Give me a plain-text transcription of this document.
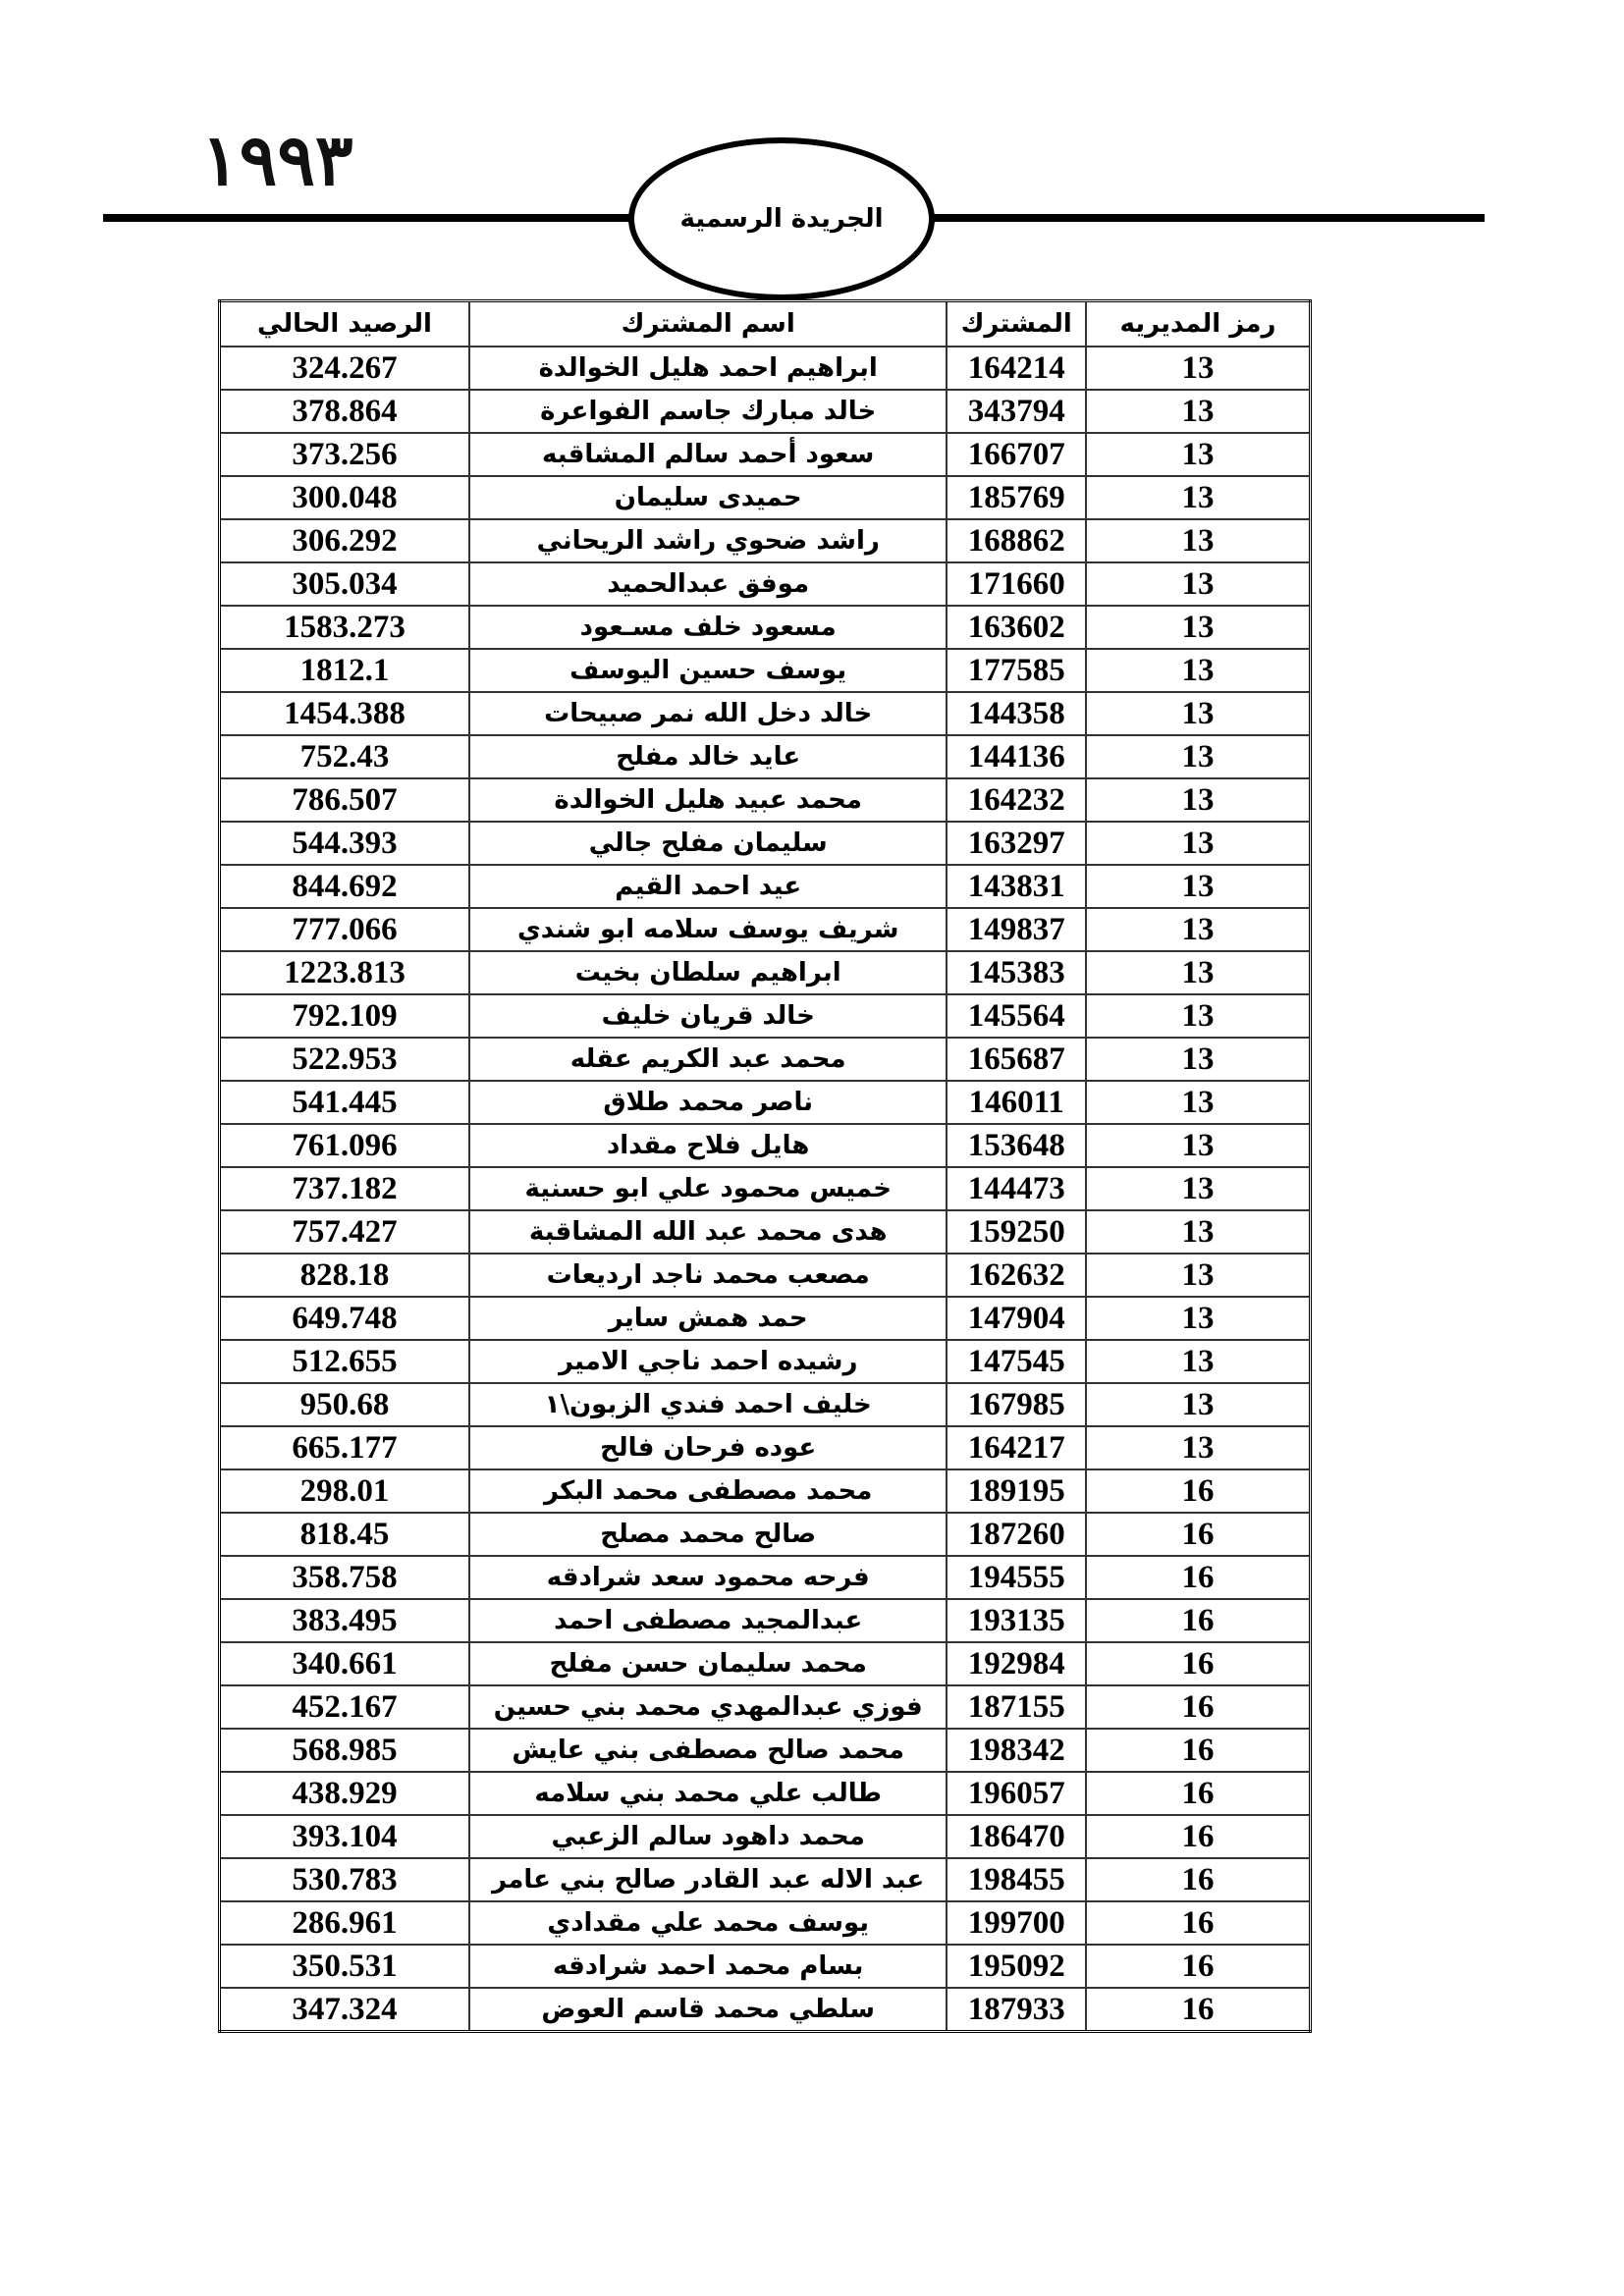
١٩٩٣
الجريدة الرسمية
رمز المديريه	المشترك	اسم المشترك	الرصيد الحالي
13	164214	ابراهيم احمد هليل الخوالدة	324.267
13	343794	خالد مبارك جاسم الفواعرة	378.864
13	166707	سعود أحمد سالم المشاقبه	373.256
13	185769	حميدى سليمان	300.048
13	168862	راشد ضحوي راشد الريحاني	306.292
13	171660	موفق عبدالحميد	305.034
13	163602	مسعود خلف مسـعود	1583.273
13	177585	يوسف حسين اليوسف	1812.1
13	144358	خالد دخل الله نمر صبيحات	1454.388
13	144136	عايد خالد مفلح	752.43
13	164232	محمد عبيد هليل الخوالدة	786.507
13	163297	سليمان مفلح جالي	544.393
13	143831	عيد احمد القيم	844.692
13	149837	شريف يوسف سلامه ابو شندي	777.066
13	145383	ابراهيم سلطان بخيت	1223.813
13	145564	خالد قريان خليف	792.109
13	165687	محمد عبد الكريم عقله	522.953
13	146011	ناصر محمد طلاق	541.445
13	153648	هايل فلاح مقداد	761.096
13	144473	خميس محمود علي ابو حسنية	737.182
13	159250	هدى محمد عبد الله المشاقبة	757.427
13	162632	مصعب محمد ناجد ارديعات	828.18
13	147904	حمد همش ساير	649.748
13	147545	رشيده احمد ناجي الامير	512.655
13	167985	خليف احمد فندي الزبون\١	950.68
13	164217	عوده فرحان فالح	665.177
16	189195	محمد مصطفى محمد البكر	298.01
16	187260	صالح محمد مصلح	818.45
16	194555	فرحه محمود سعد شرادقه	358.758
16	193135	عبدالمجيد مصطفى احمد	383.495
16	192984	محمد سليمان حسن مفلح	340.661
16	187155	فوزي عبدالمهدي محمد بني حسين	452.167
16	198342	محمد صالح مصطفى بني عايش	568.985
16	196057	طالب علي محمد بني سلامه	438.929
16	186470	محمد داهود سالم الزعبي	393.104
16	198455	عبد الاله عبد القادر صالح بني عامر	530.783
16	199700	يوسف محمد علي مقدادي	286.961
16	195092	بسام محمد احمد شرادقه	350.531
16	187933	سلطي محمد قاسم العوض	347.324
